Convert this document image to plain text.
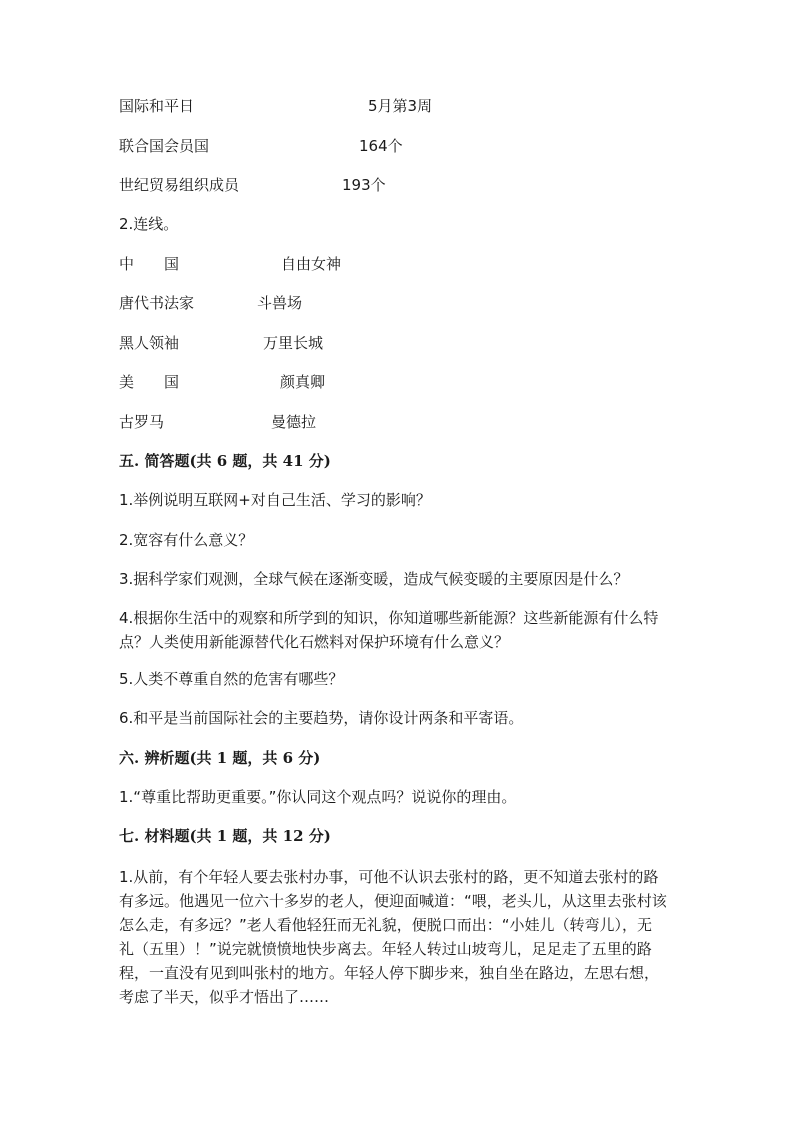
国际和平日	5月第3周
联合国会员国	164个
世纪贸易组织成员	193个
2.连线。
中　　国	自由女神
唐代书法家	斗兽场
黑人领袖	万里长城
美　　国	颜真卿
古罗马	曼德拉
五. 简答题(共 6 题，共 41 分)
1.举例说明互联网+对自己生活、学习的影响？
2.宽容有什么意义？
3.据科学家们观测，全球气候在逐渐变暖，造成气候变暖的主要原因是什么？
4.根据你生活中的观察和所学到的知识，你知道哪些新能源？这些新能源有什么特点？人类使用新能源替代化石燃料对保护环境有什么意义？
5.人类不尊重自然的危害有哪些？
6.和平是当前国际社会的主要趋势，请你设计两条和平寄语。
六. 辨析题(共 1 题，共 6 分)
1.“尊重比帮助更重要。”你认同这个观点吗？说说你的理由。
七. 材料题(共 1 题，共 12 分)
1.从前，有个年轻人要去张村办事，可他不认识去张村的路，更不知道去张村的路有多远。他遇见一位六十多岁的老人，便迎面喊道：“喂，老头儿，从这里去张村该怎么走，有多远？”老人看他轻狂而无礼貌，便脱口而出：“小娃儿（转弯儿），无礼（五里）！”说完就愤愤地快步离去。年轻人转过山坡弯儿，足足走了五里的路程，一直没有见到叫张村的地方。年轻人停下脚步来，独自坐在路边，左思右想，考虑了半天，似乎才悟出了……
